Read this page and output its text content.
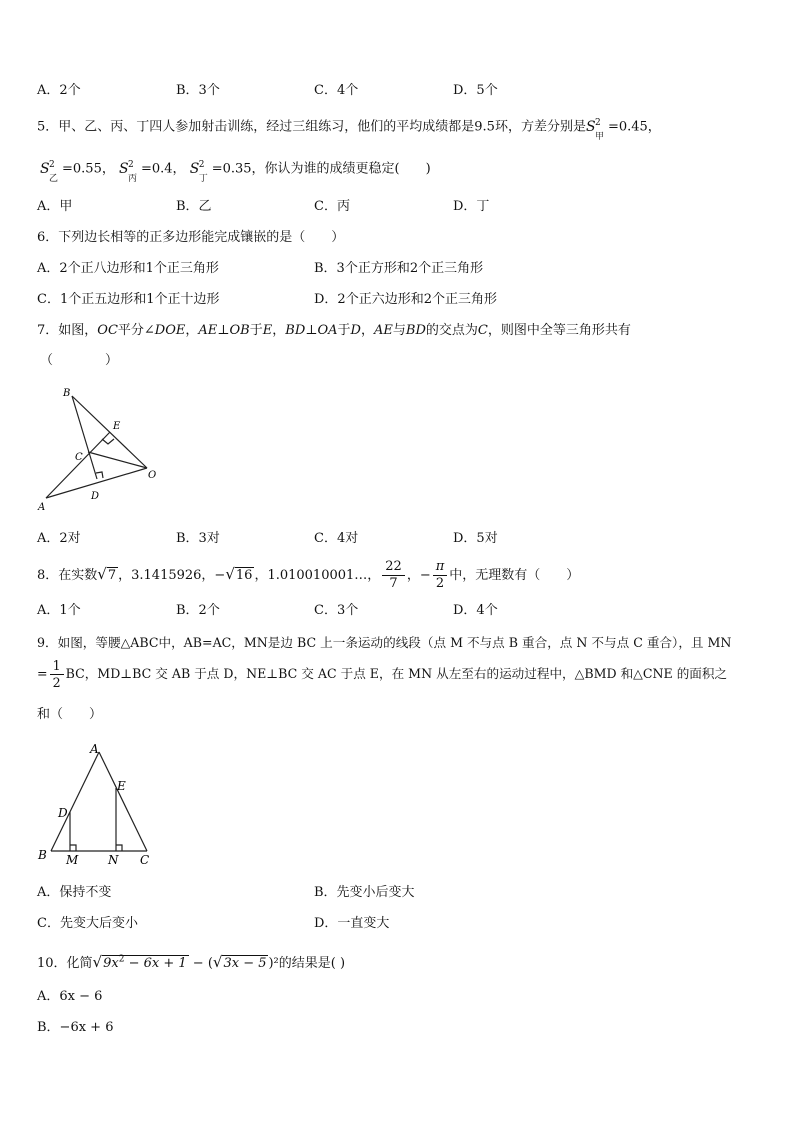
A．2个	B．3个	C．4个	D．5个
5．甲、乙、丙、丁四人参加射击训练，经过三组练习，他们的平均成绩都是9.5环，方差分别是 S 2
甲
=0.45，
S 2
乙
=0.55， S 2
丙
=0.4， S 2
丁
=0.35，你认为谁的成绩更稳定(　　)
A．甲	B．乙	C．丙	D．丁
6．下列边长相等的正多边形能完成镶嵌的是（　　）
A．2个正八边形和1个正三角形	B．3个正方形和2个正三角形
C．1个正五边形和1个正十边形	D．2个正六边形和2个正三角形
7．如图，OC平分∠DOE，AE⊥OB于E，BD⊥OA于D，AE与BD的交点为C，则图中全等三角形共有
（　　　　）
B
E
C
O
A
D
A．2对	B．3对	C．4对	D．5对
8．在实数√7 ，3.1415926，−√16 ，1.010010001…， $\frac{22}{7}$ ，− $\frac{\pi}{2}$ 中，无理数有（　　）
A．1个	B．2个	C．3个	D．4个
9．如图，等腰△ABC中，AB=AC，MN是边 BC 上一条运动的线段（点 M 不与点 B 重合，点 N 不与点 C 重合），且 MN
= $\frac{1}{2}$ BC，MD⊥BC 交 AB 于点 D，NE⊥BC 交 AC 于点 E，在 MN 从左至右的运动过程中，△BMD 和△CNE 的面积之
和（　　）
A
E
D
B M N C
A．保持不变	B．先变小后变大
C．先变大后变小	D．一直变大
10．化简$√9x^2 - 6x + 1 - (√3x - 5$ )²的结果是( )
A．6x − 6
B．−6x + 6
